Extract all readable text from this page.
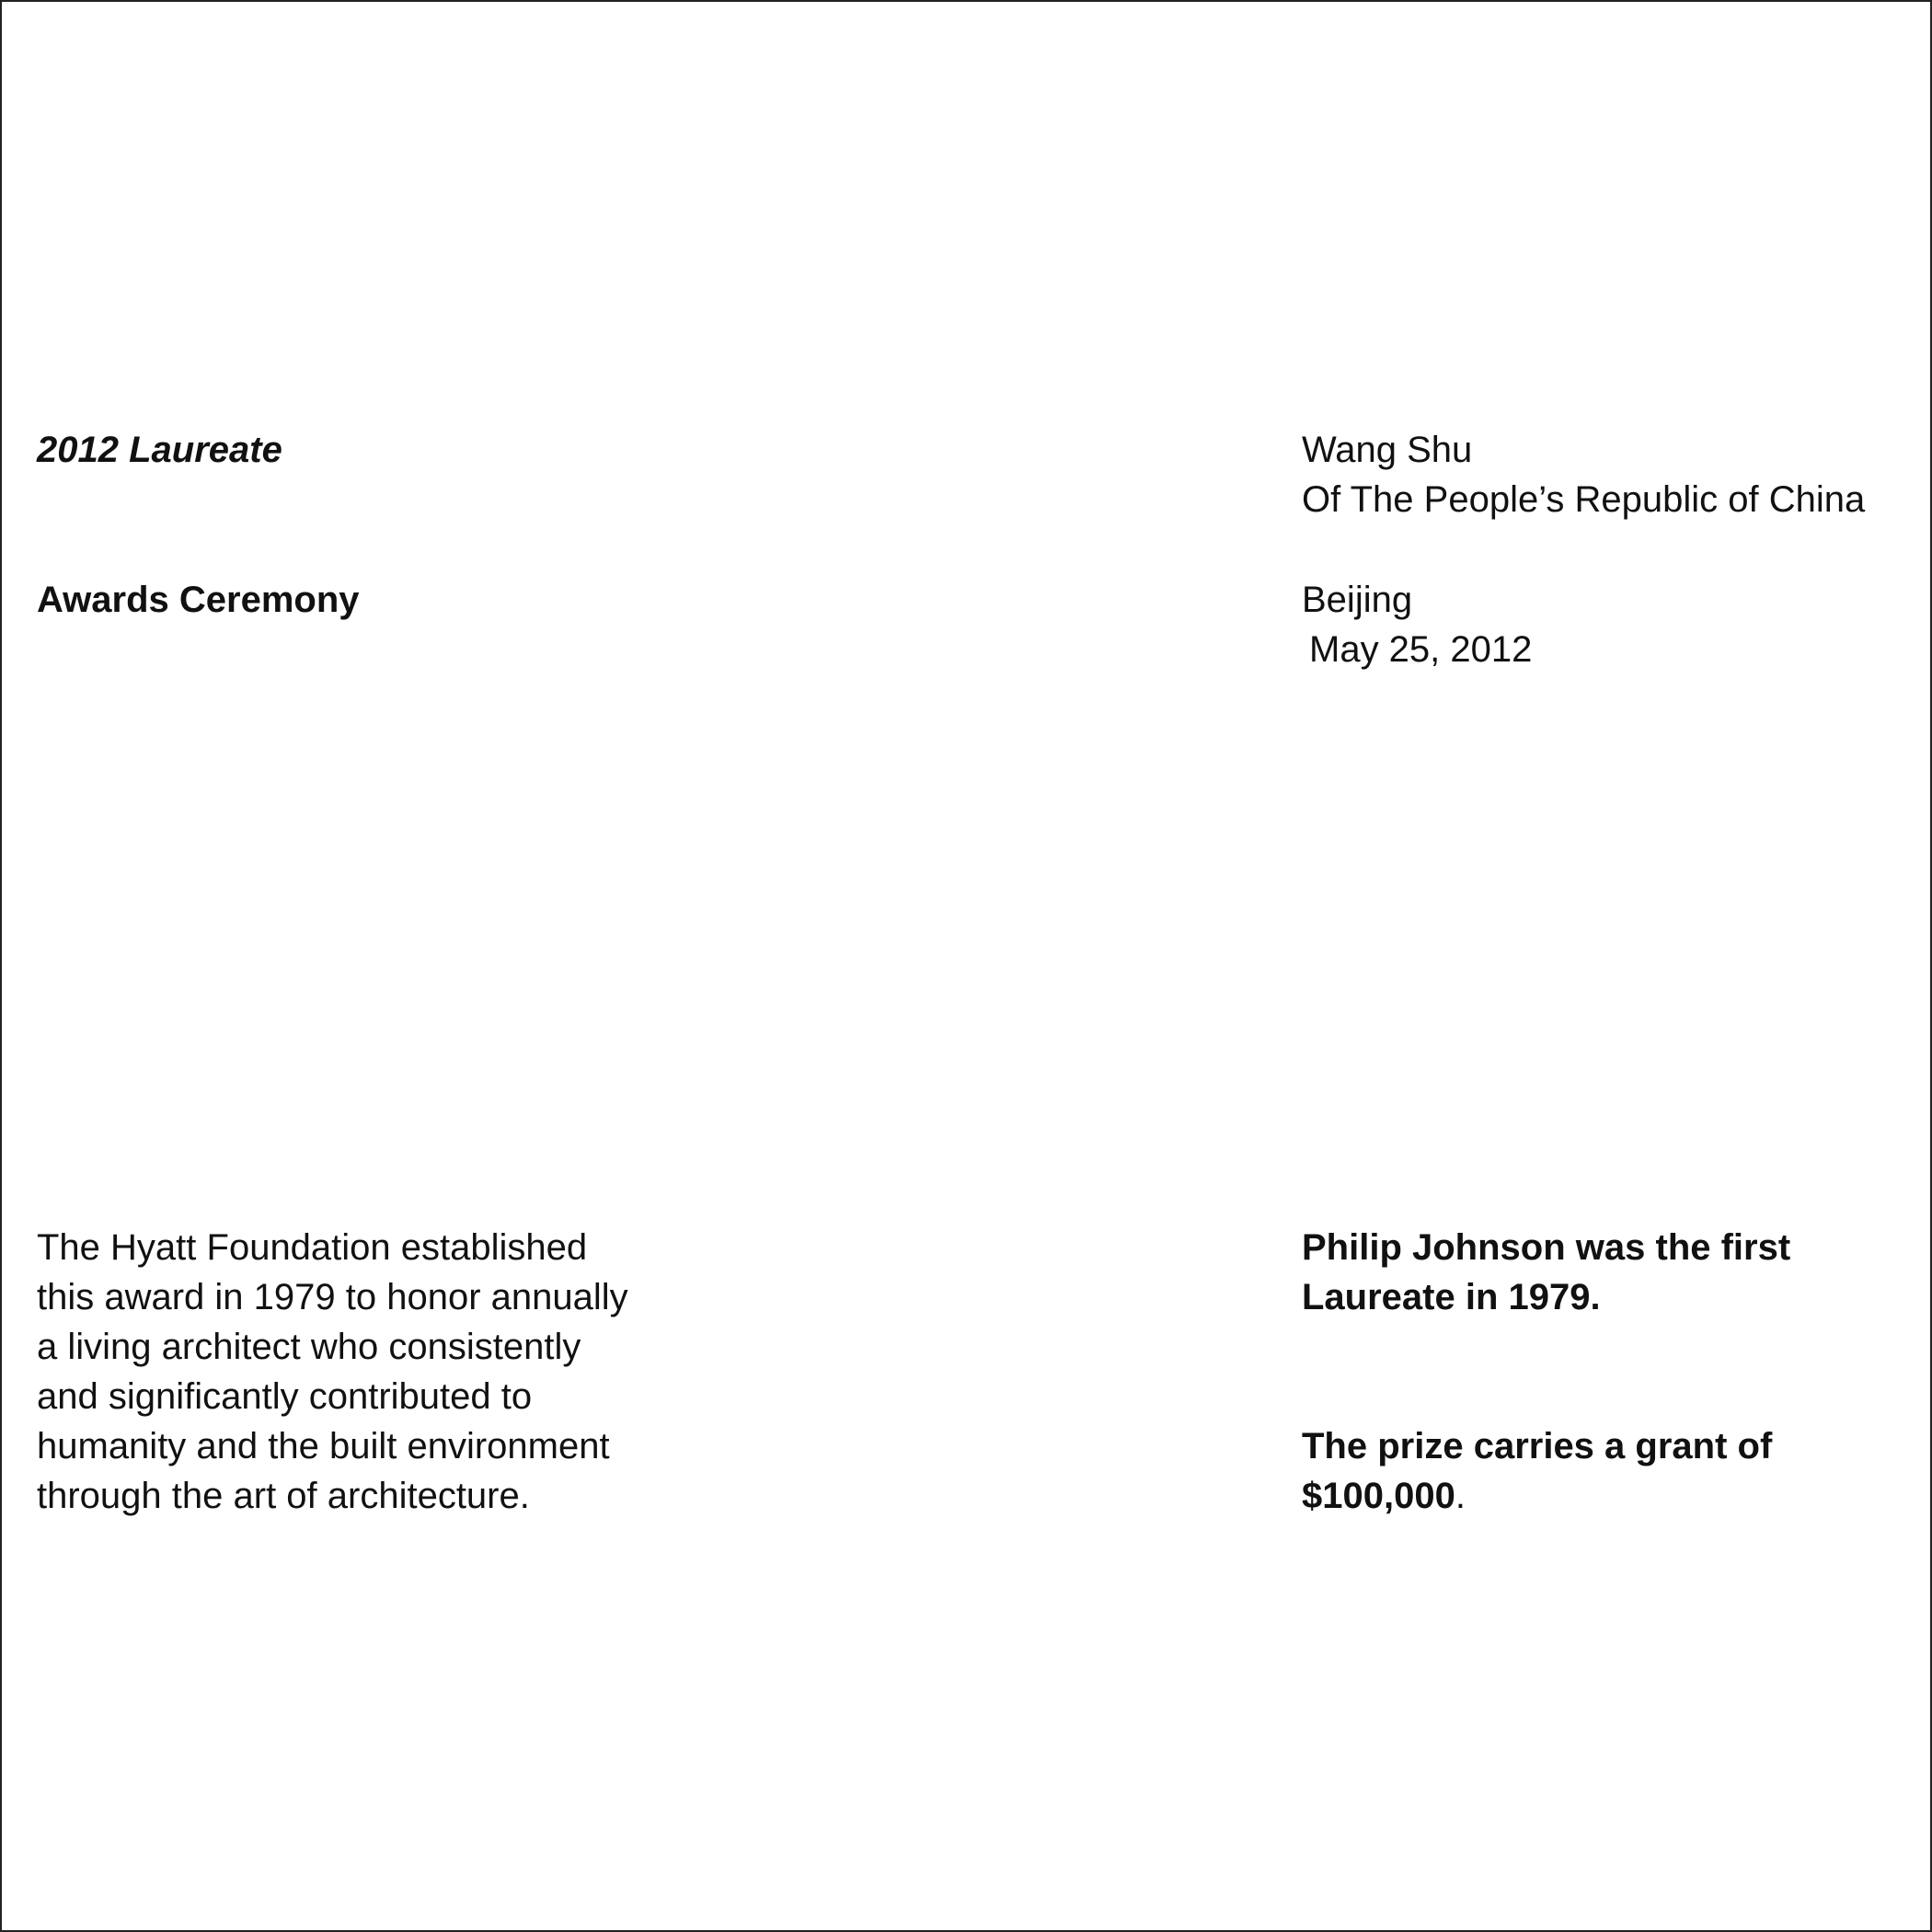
2012 Laureate	Wang Shu
Of The People’s Republic of China

Awards Ceremony	Beijing
May 25, 2012
The Hyatt Foundation established
this award in 1979 to honor annually
a living architect who consistently
and significantly contributed to
humanity and the built environment
through the art of architecture.
Philip Johnson was the first
Laureate in 1979.
The prize carries a grant of
$100,000.
